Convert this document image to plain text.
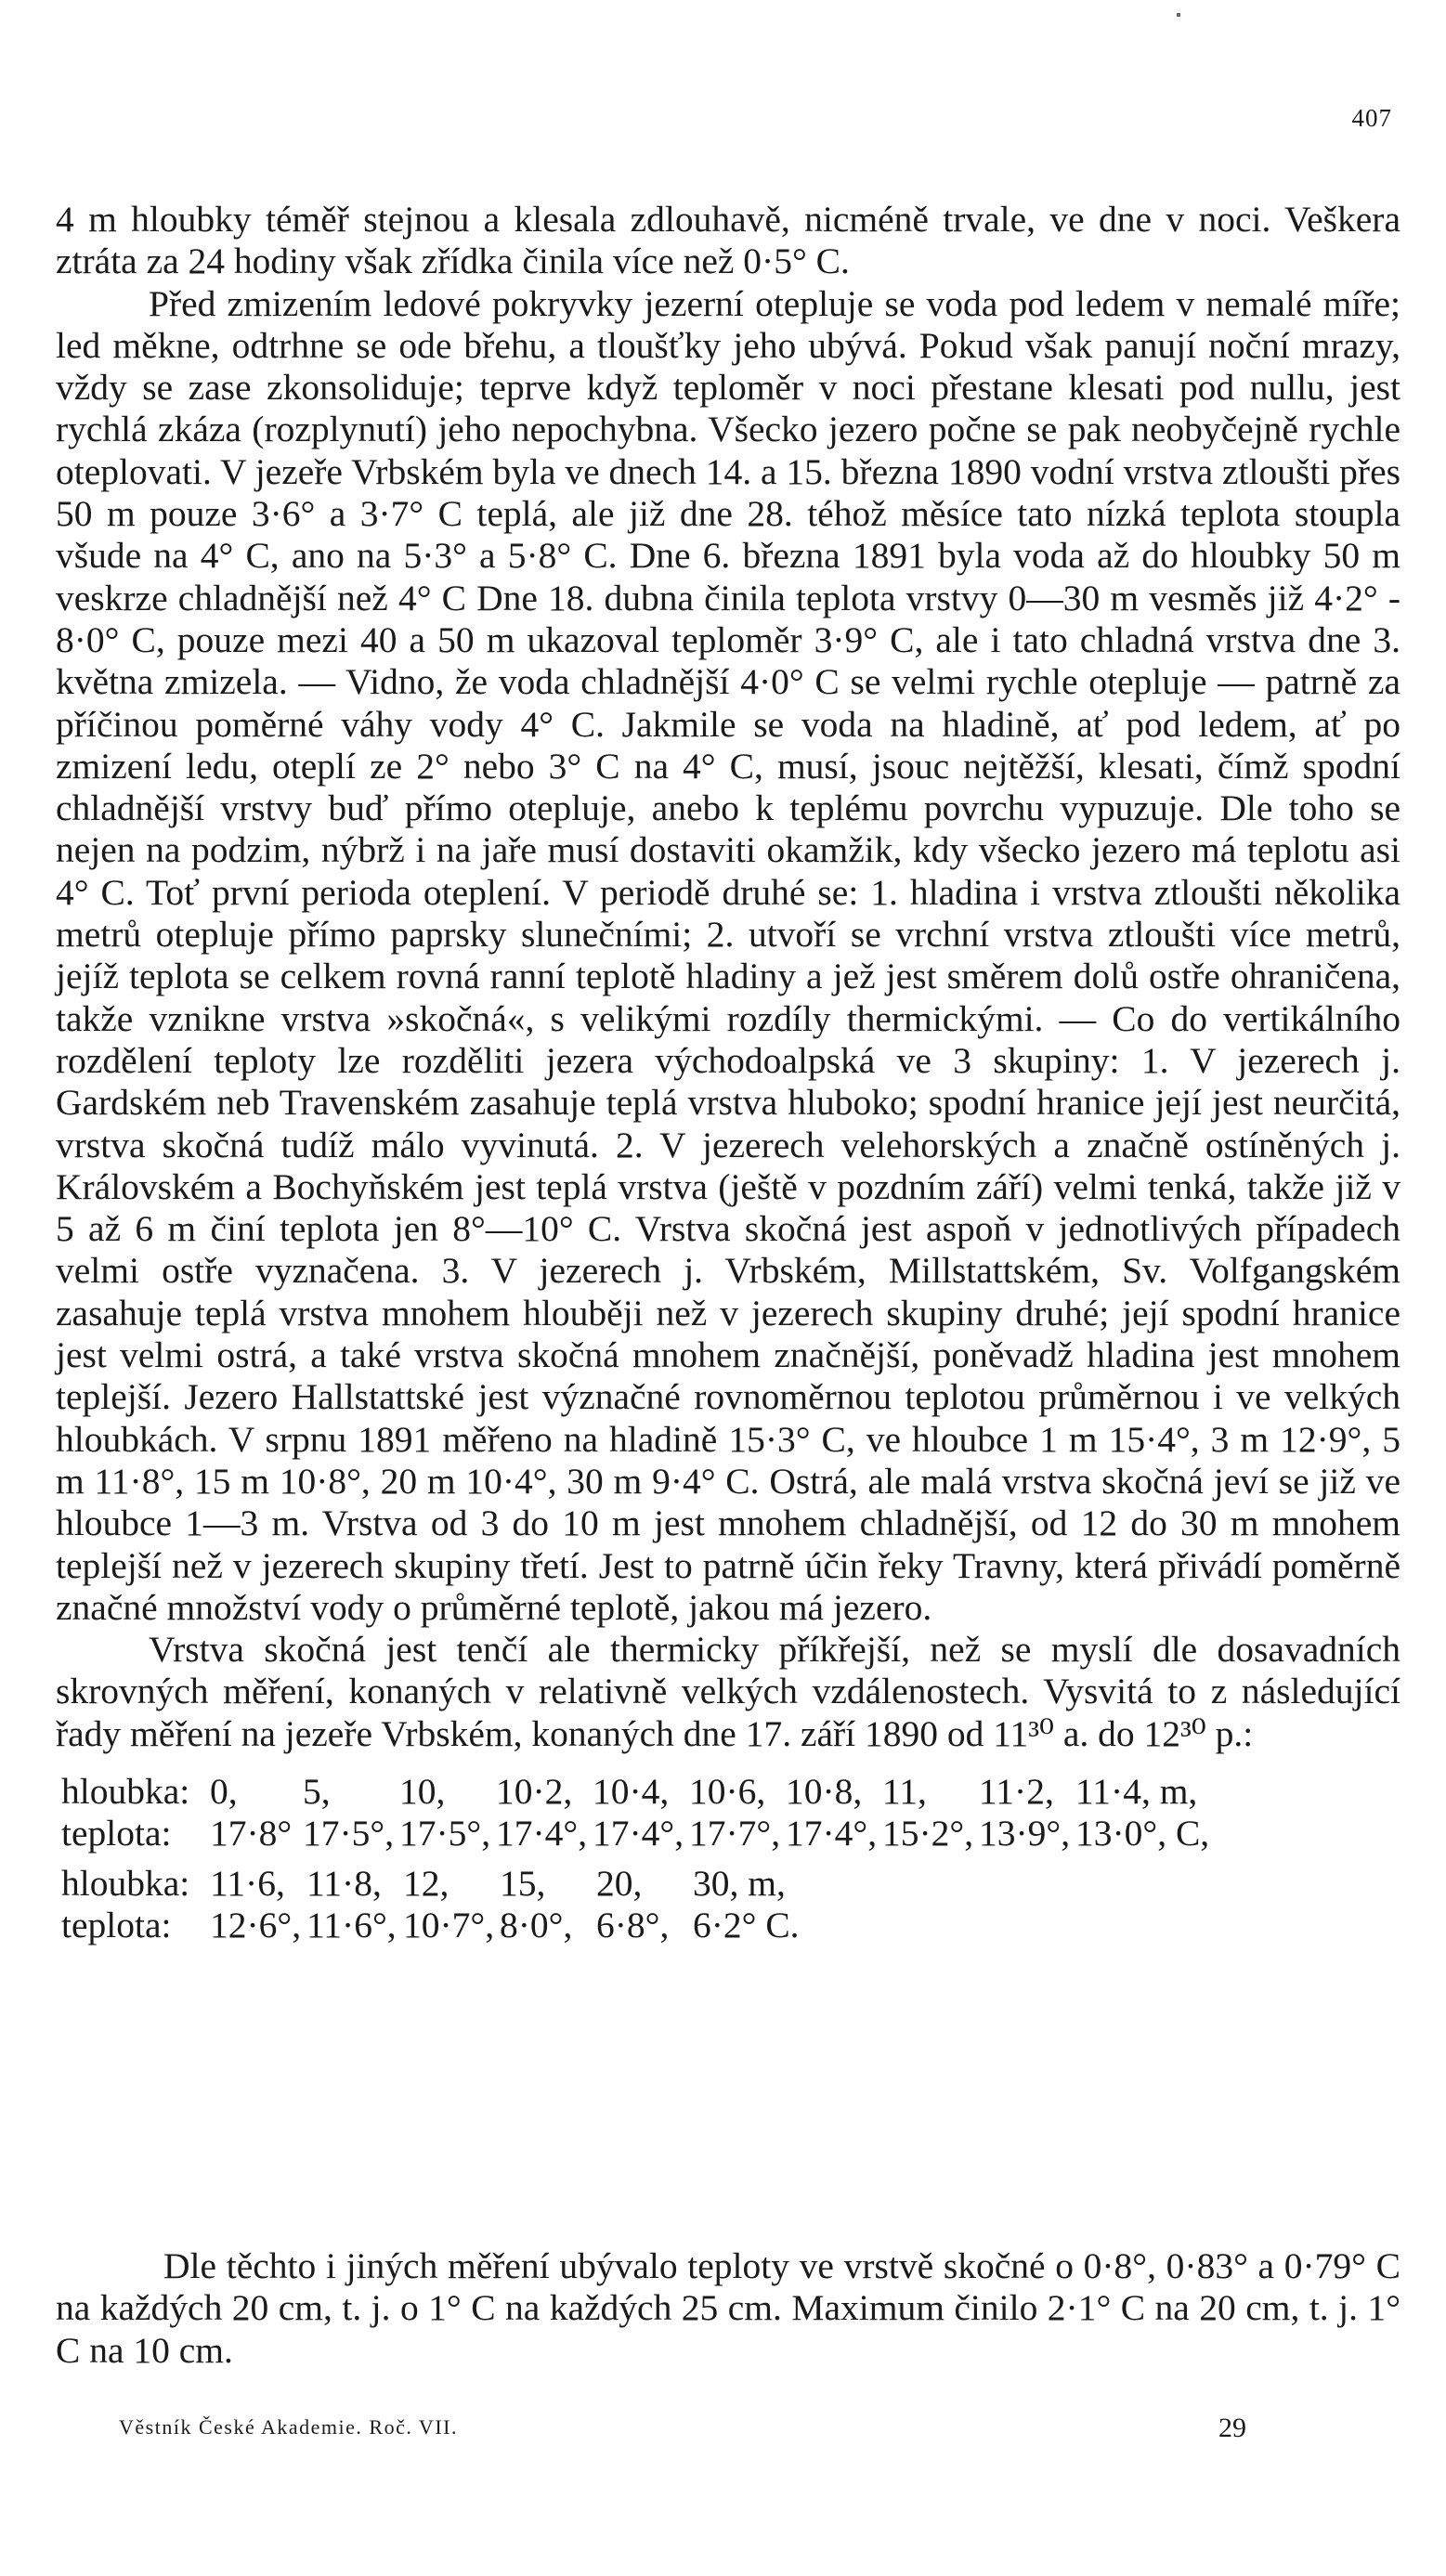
407

4 m hloubky téměř stejnou a klesala zdlouhavě, nicméně trvale, ve dne v noci. Veškera ztráta za 24 hodiny však zřídka činila více než 0·5° C.

Před zmizením ledové pokryvky jezerní otepluje se voda pod ledem v nemalé míře; led měkne, odtrhne se ode břehu, a tloušťky jeho ubývá. Pokud však panují noční mrazy, vždy se zase zkonsoliduje; teprve když teploměr v noci přestane klesati pod nullu, jest rychlá zkáza (rozplynutí) jeho nepochybna. Všecko jezero počne se pak neobyčejně rychle oteplovati. V jezeře Vrbském byla ve dnech 14. a 15. března 1890 vodní vrstva ztloušti přes 50 m pouze 3·6° a 3·7° C teplá, ale již dne 28. téhož měsíce tato nízká teplota stoupla všude na 4° C, ano na 5·3° a 5·8° C. Dne 6. března 1891 byla voda až do hloubky 50 m veskrze chladnější než 4° C Dne 18. dubna činila teplota vrstvy 0—30 m vesměs již 4·2° - 8·0° C, pouze mezi 40 a 50 m ukazoval teploměr 3·9° C, ale i tato chladná vrstva dne 3. května zmizela. — Vidno, že voda chladnější 4·0° C se velmi rychle otepluje — patrně za příčinou poměrné váhy vody 4° C. Jakmile se voda na hladině, ať pod ledem, ať po zmizení ledu, oteplí ze 2° nebo 3° C na 4° C, musí, jsouc nejtěžší, klesati, čímž spodní chladnější vrstvy buď přímo otepluje, anebo k teplému povrchu vypuzuje. Dle toho se nejen na podzim, nýbrž i na jaře musí dostaviti okamžik, kdy všecko jezero má teplotu asi 4° C. Toť první perioda oteplení. V periodě druhé se: 1. hladina i vrstva ztloušti několika metrů otepluje přímo paprsky slunečními; 2. utvoří se vrchní vrstva ztloušti více metrů, jejíž teplota se celkem rovná ranní teplotě hladiny a jež jest směrem dolů ostře ohraničena, takže vznikne vrstva »skočná«, s velikými rozdíly thermickými. — Co do vertikálního rozdělení teploty lze rozděliti jezera východoalpská ve 3 skupiny: 1. V jezerech j. Gardském neb Travenském zasahuje teplá vrstva hluboko; spodní hranice její jest neurčitá, vrstva skočná tudíž málo vyvinutá. 2. V jezerech velehorských a značně ostíněných j. Královském a Bochyňském jest teplá vrstva (ještě v pozdním září) velmi tenká, takže již v 5 až 6 m činí teplota jen 8°—10° C. Vrstva skočná jest aspoň v jednotlivých případech velmi ostře vyznačena. 3. V jezerech j. Vrbském, Millstattském, Sv. Volfgangském zasahuje teplá vrstva mnohem hlouběji než v jezerech skupiny druhé; její spodní hranice jest velmi ostrá, a také vrstva skočná mnohem značnější, poněvadž hladina jest mnohem teplejší. Jezero Hallstattské jest význačné rovnoměrnou teplotou průměrnou i ve velkých hloubkách. V srpnu 1891 měřeno na hladině 15·3° C, ve hloubce 1 m 15·4°, 3 m 12·9°, 5 m 11·8°, 15 m 10·8°, 20 m 10·4°, 30 m 9·4° C. Ostrá, ale malá vrstva skočná jeví se již ve hloubce 1—3 m. Vrstva od 3 do 10 m jest mnohem chladnější, od 12 do 30 m mnohem teplejší než v jezerech skupiny třetí. Jest to patrně účin řeky Travny, která přivádí poměrně značné množství vody o průměrné teplotě, jakou má jezero.

Vrstva skočná jest tenčí ale thermicky příkřejší, než se myslí dle dosavadních skrovných měření, konaných v relativně velkých vzdálenostech. Vysvitá to z následující řady měření na jezeře Vrbském, konaných dne 17. září 1890 od 11³⁰ a. do 12³⁰ p.:

hloubka: 0,	5,	10,	10·2, 10·4, 10·6, 10·8, 11,	11·2, 11·4, m,
teplota:	17·8° 17·5°, 17·5°, 17·4°, 17·4°, 17·7°, 17·4°, 15·2°, 13·9°, 13·0°, C,
hloubka: 11·6, 11·8, 12,	15,	20,	30, m,
teplota:	12·6°, 11·6°, 10·7°, 8·0°, 6·8°, 6·2° C.

Dle těchto i jiných měření ubývalo teploty ve vrstvě skočné o 0·8°, 0·83° a 0·79° C na každých 20 cm, t. j. o 1° C na každých 25 cm. Maximum činilo 2·1° C na 20 cm, t. j. 1° C na 10 cm.

Věstník České Akademie. Roč. VII.	29
